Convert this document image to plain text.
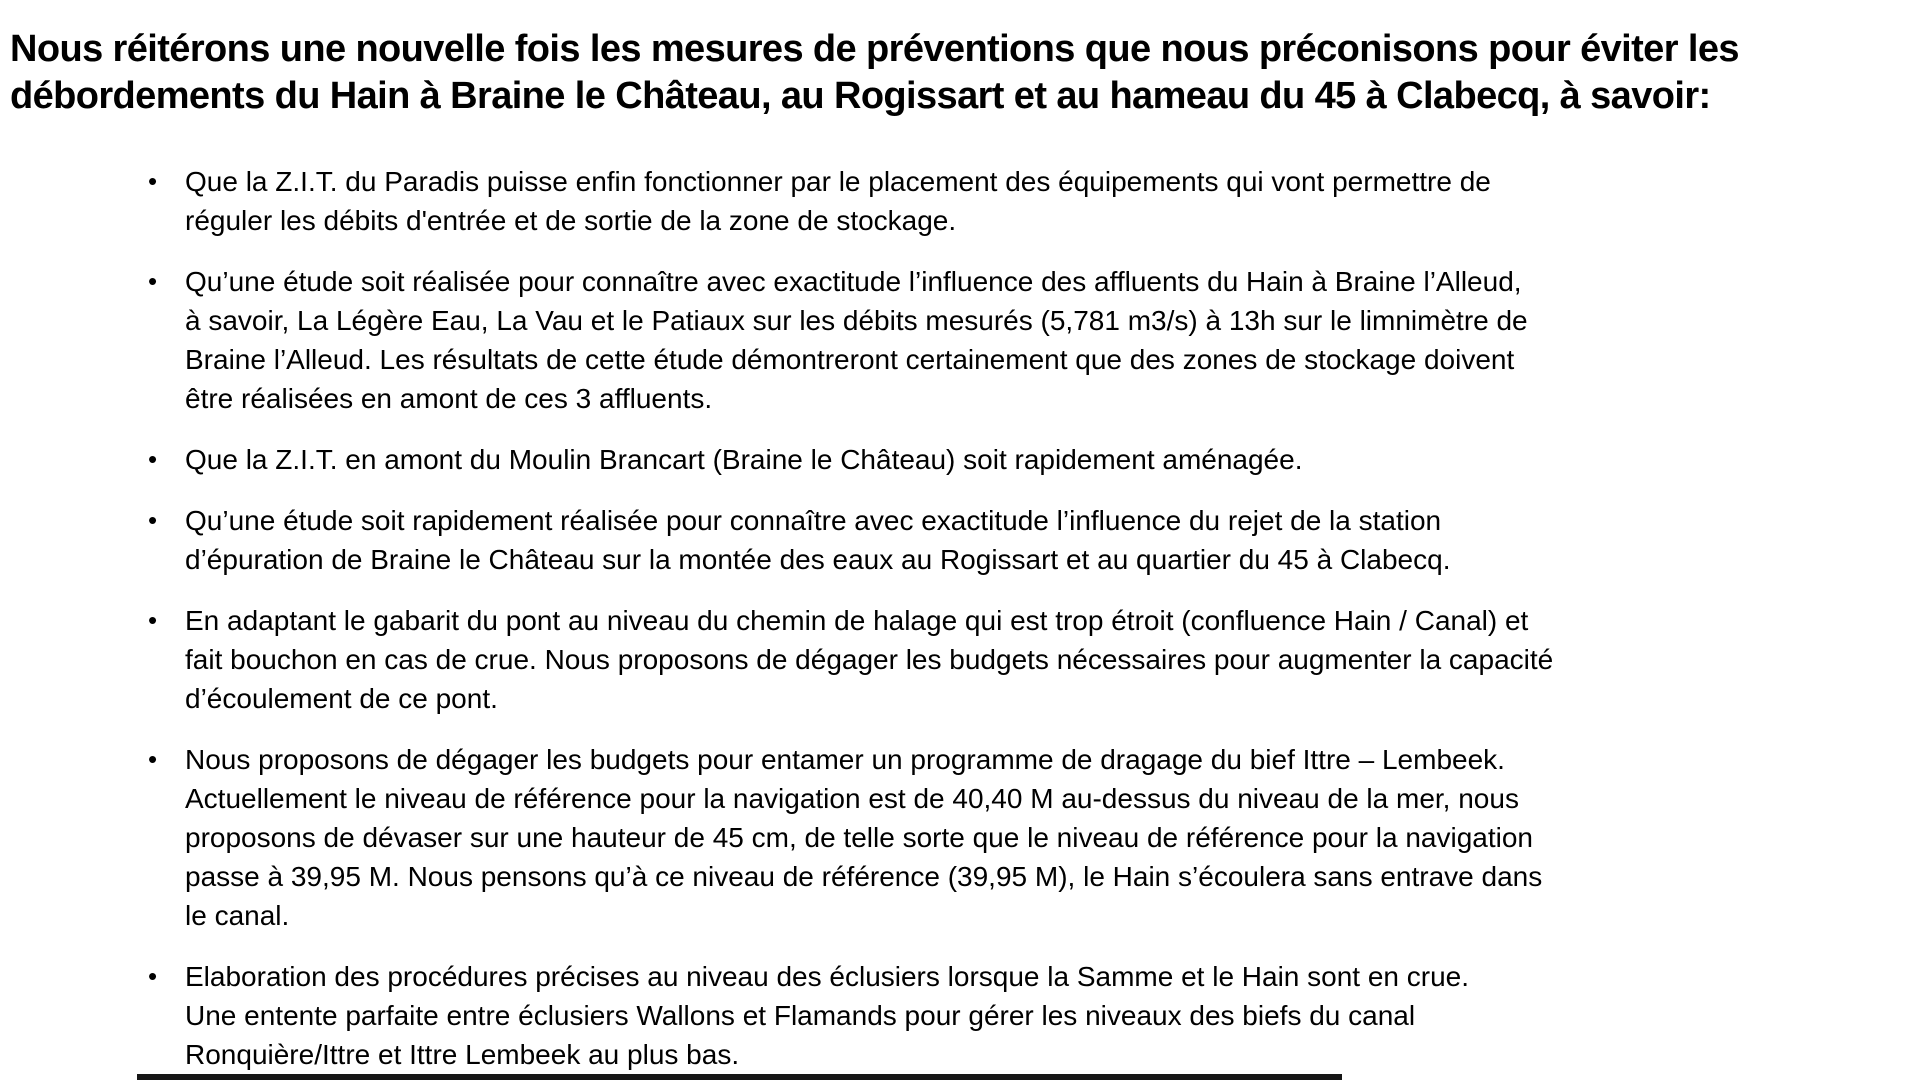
Nous réitérons une nouvelle fois les mesures de préventions que nous préconisons pour éviter les
débordements du Hain à Braine le Château, au Rogissart et au hameau du 45 à Clabecq, à savoir:
• Que la Z.I.T. du Paradis puisse enfin fonctionner par le placement des équipements qui vont permettre de
réguler les débits d'entrée et de sortie de la zone de stockage.
• Qu’une étude soit réalisée pour connaître avec exactitude l’influence des affluents du Hain à Braine l’Alleud,
à savoir, La Légère Eau, La Vau et le Patiaux sur les débits mesurés (5,781 m3/s) à 13h sur le limnimètre de
Braine l’Alleud. Les résultats de cette étude démontreront certainement que des zones de stockage doivent
être réalisées en amont de ces 3 affluents.
• Que la Z.I.T. en amont du Moulin Brancart (Braine le Château) soit rapidement aménagée.
• Qu’une étude soit rapidement réalisée pour connaître avec exactitude l’influence du rejet de la station
d’épuration de Braine le Château sur la montée des eaux au Rogissart et au quartier du 45 à Clabecq.
• En adaptant le gabarit du pont au niveau du chemin de halage qui est trop étroit (confluence Hain / Canal) et
fait bouchon en cas de crue. Nous proposons de dégager les budgets nécessaires pour augmenter la capacité
d’écoulement de ce pont.
• Nous proposons de dégager les budgets pour entamer un programme de dragage du bief Ittre – Lembeek.
Actuellement le niveau de référence pour la navigation est de 40,40 M au-dessus du niveau de la mer, nous
proposons de dévaser sur une hauteur de 45 cm, de telle sorte que le niveau de référence pour la navigation
passe à 39,95 M. Nous pensons qu’à ce niveau de référence (39,95 M), le Hain s’écoulera sans entrave dans
le canal.
• Elaboration des procédures précises au niveau des éclusiers lorsque la Samme et le Hain sont en crue.
Une entente parfaite entre éclusiers Wallons et Flamands pour gérer les niveaux des biefs du canal
Ronquière/Ittre et Ittre Lembeek au plus bas.
